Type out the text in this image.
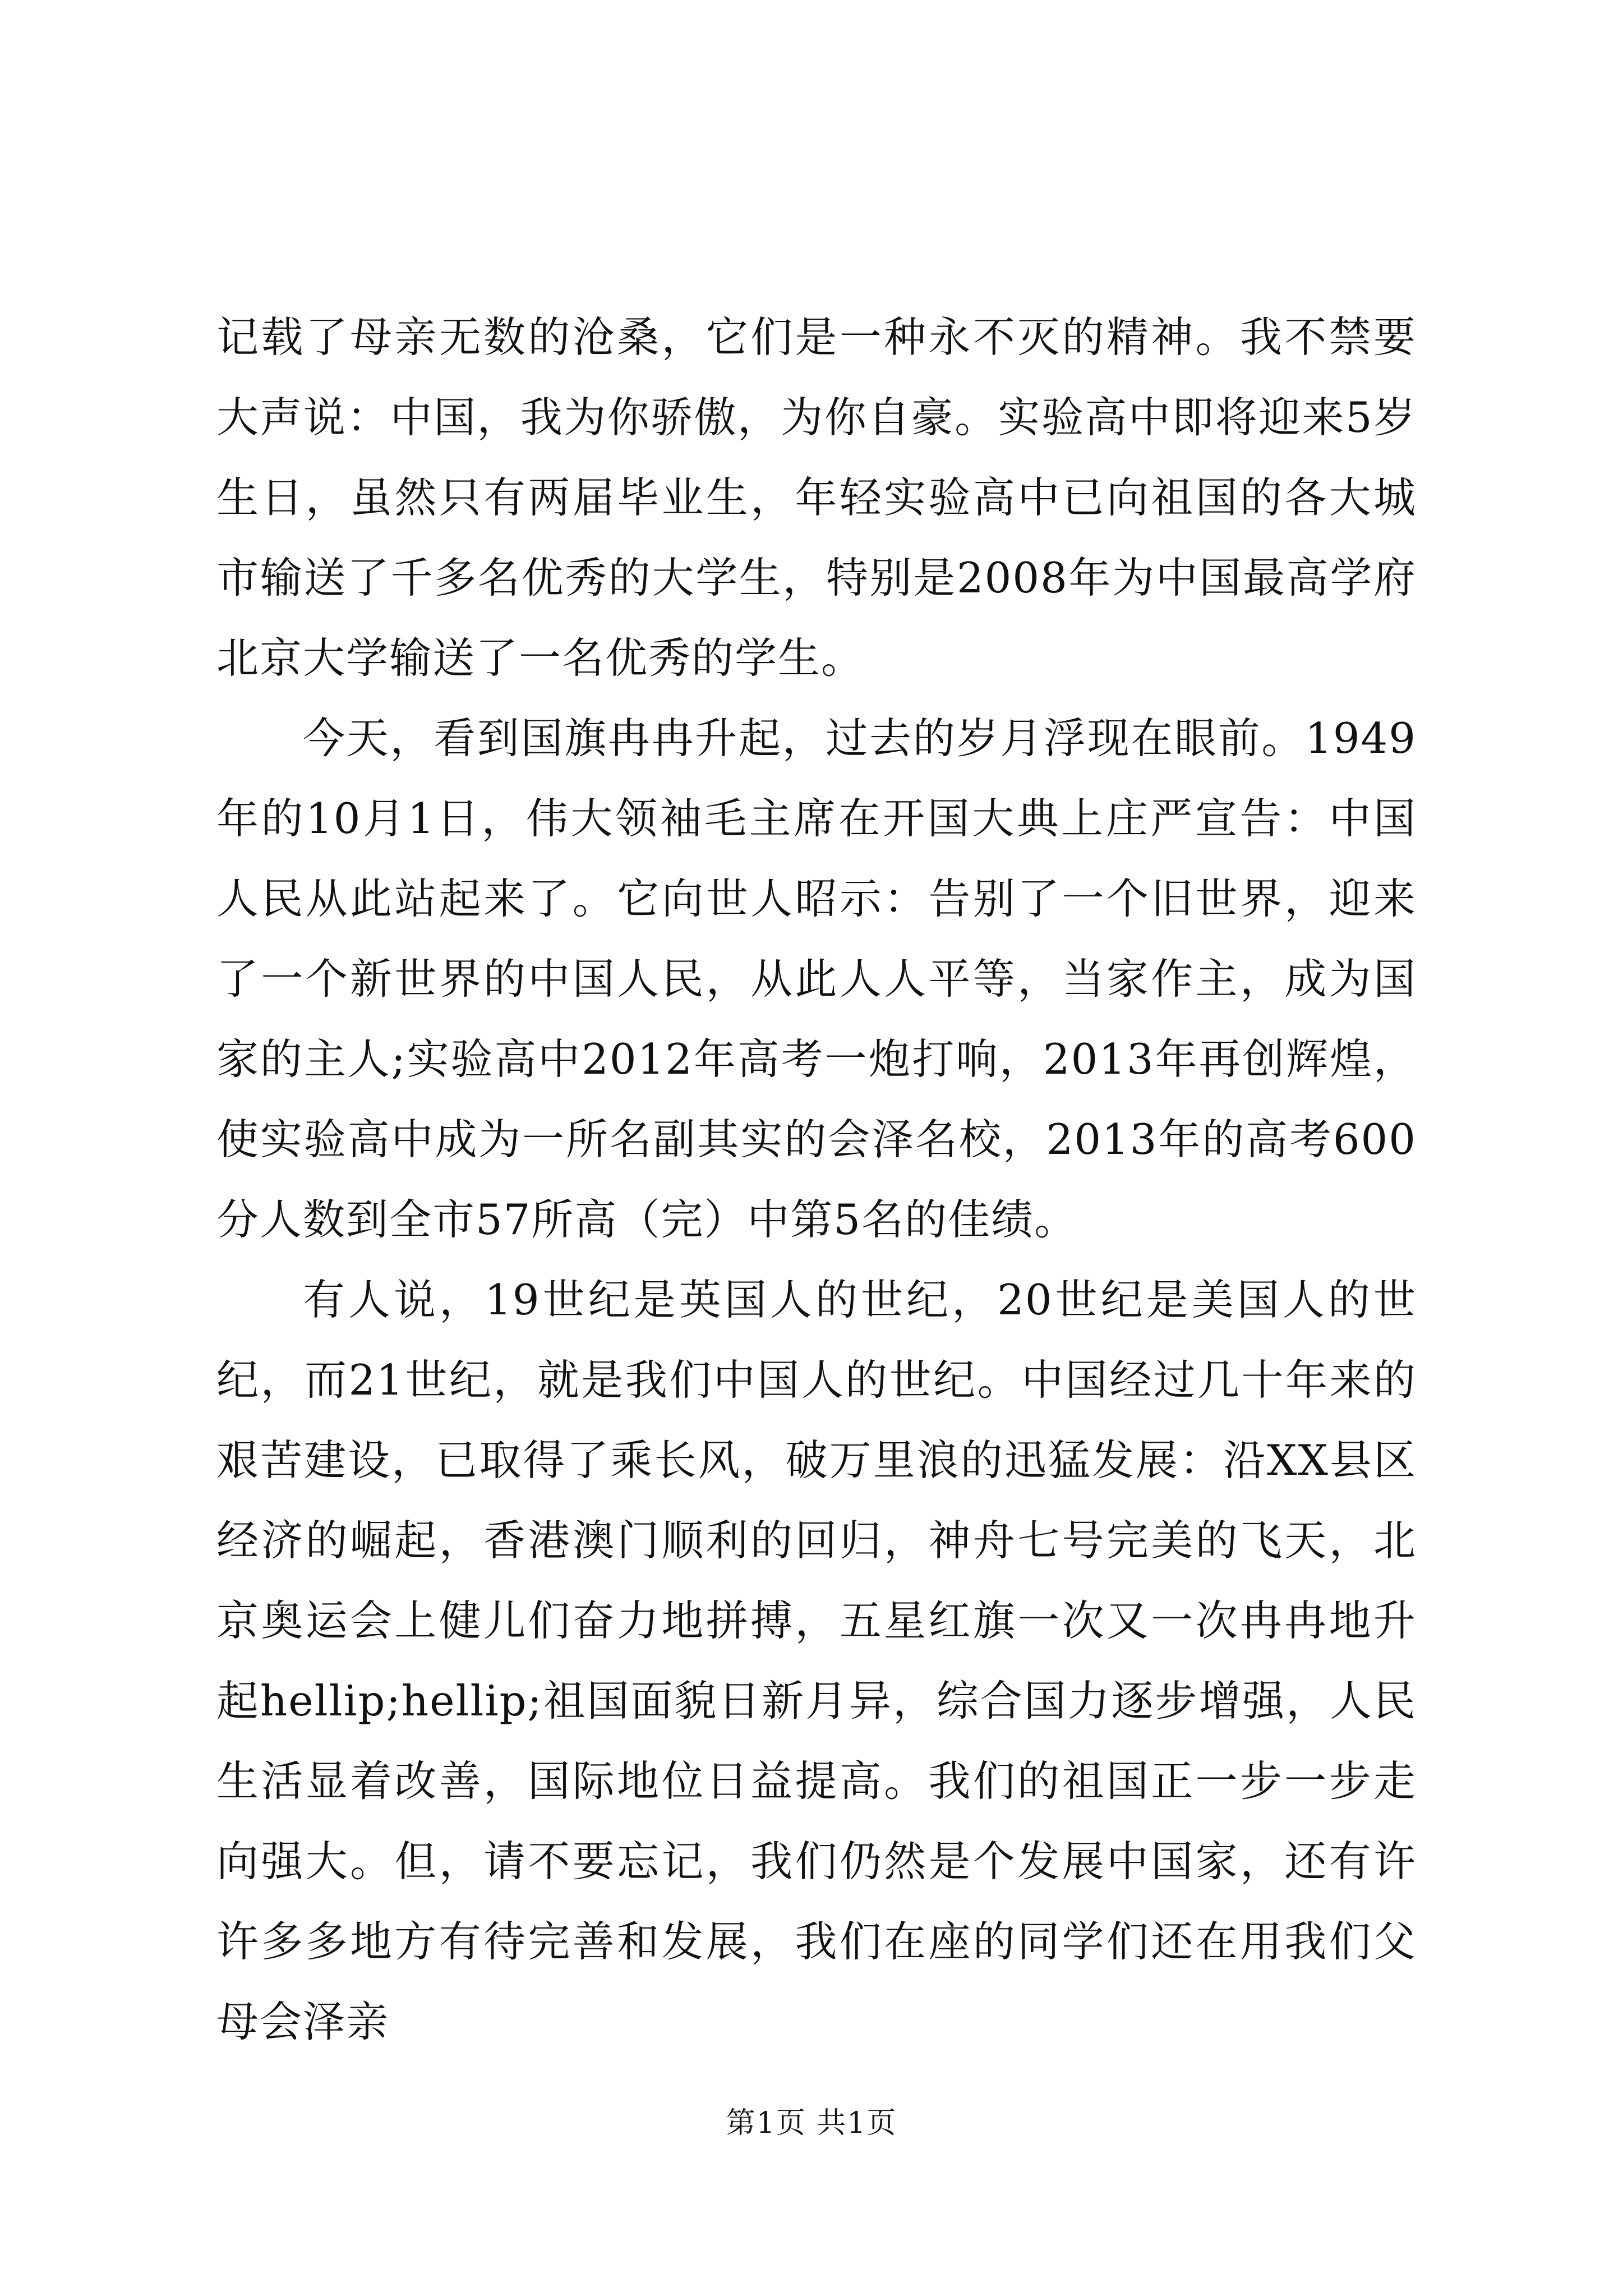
记载了母亲无数的沧桑，它们是一种永不灭的精神。我不禁要大声说：中国，我为你骄傲，为你自豪。实验高中即将迎来5岁生日，虽然只有两届毕业生，年轻实验高中已向祖国的各大城市输送了千多名优秀的大学生，特别是2008年为中国最高学府北京大学输送了一名优秀的学生。

今天，看到国旗冉冉升起，过去的岁月浮现在眼前。1949年的10月1日，伟大领袖毛主席在开国大典上庄严宣告：中国人民从此站起来了。它向世人昭示：告别了一个旧世界，迎来了一个新世界的中国人民，从此人人平等，当家作主，成为国家的主人;实验高中2012年高考一炮打响，2013年再创辉煌，使实验高中成为一所名副其实的会泽名校，2013年的高考600分人数到全市57所高（完）中第5名的佳绩。

有人说，19世纪是英国人的世纪，20世纪是美国人的世纪，而21世纪，就是我们中国人的世纪。中国经过几十年来的艰苦建设，已取得了乘长风，破万里浪的迅猛发展：沿XX县区经济的崛起，香港澳门顺利的回归，神舟七号完美的飞天，北京奥运会上健儿们奋力地拼搏，五星红旗一次又一次冉冉地升起hellip;hellip;祖国面貌日新月异，综合国力逐步增强，人民生活显着改善，国际地位日益提高。我们的祖国正一步一步走向强大。但，请不要忘记，我们仍然是个发展中国家，还有许许多多地方有待完善和发展，我们在座的同学们还在用我们父母会泽亲

第1页 共1页
